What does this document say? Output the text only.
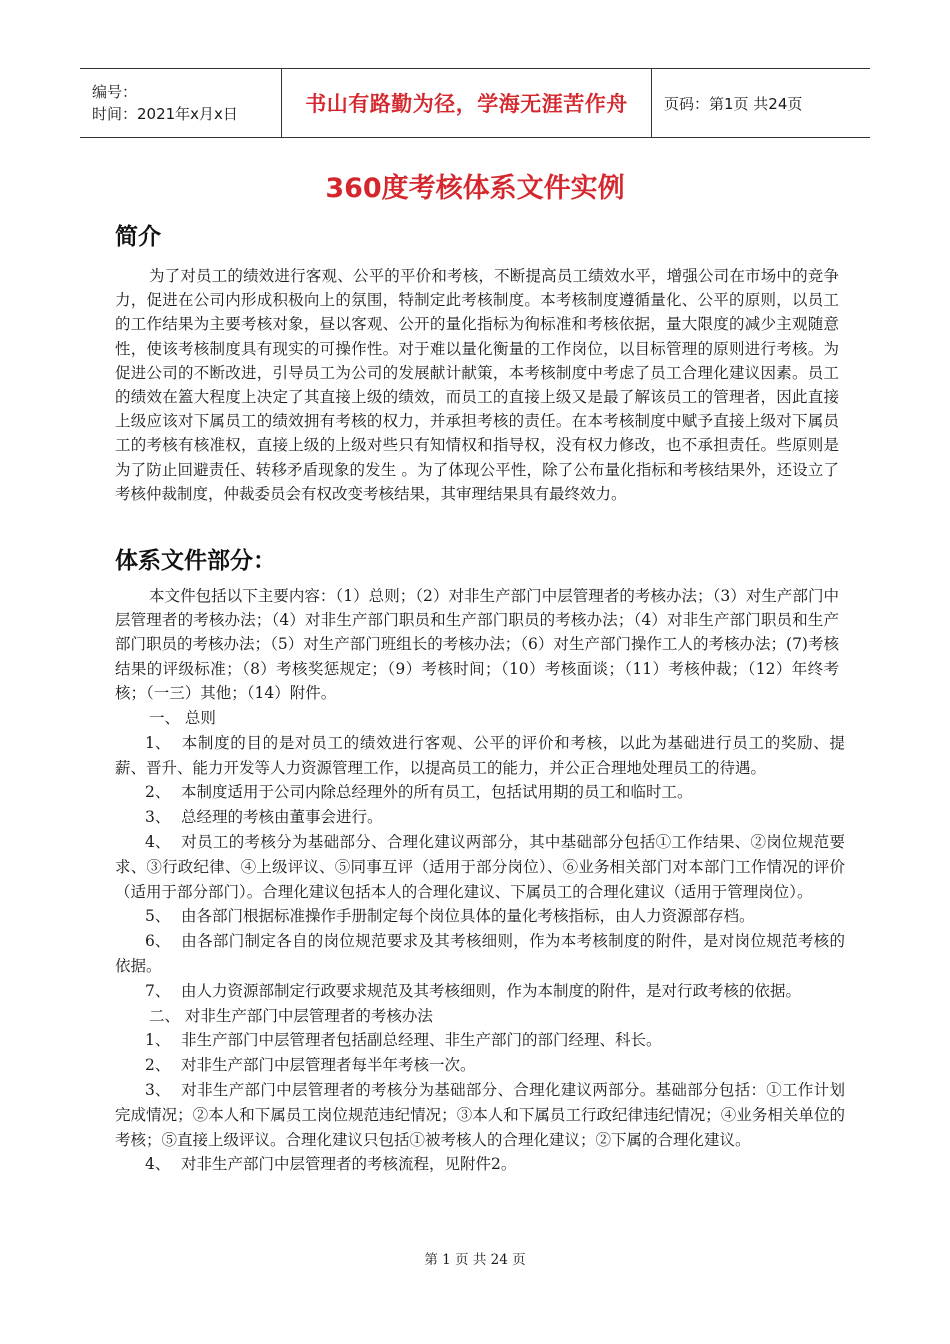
编号：
时间：2021年x月x日	书山有路勤为径，学海无涯苦作舟 页码：第1页 共24页
360度考核体系文件实例
简介

为了对员工的绩效进行客观、公平的平价和考核，不断提高员工绩效水平，增强公司在市场中的竞争力，促进在公司内形成积极向上的氛围，特制定此考核制度。本考核制度遵循量化、公平的原则，以员工的工作结果为主要考核对象，昼以客观、公开的量化指标为徇标准和考核依据，量大限度的减少主观随意性，使该考核制度具有现实的可操作性。对于难以量化衡量的工作岗位，以目标管理的原则进行考核。为促进公司的不断改进，引导员工为公司的发展献计献策，本考核制度中考虑了员工合理化建议因素。员工的绩效在篕大程度上决定了其直接上级的绩效，而员工的直接上级又是最了解该员工的管理者，因此直接上级应该对下属员工的绩效拥有考核的权力，并承担考核的责任。在本考核制度中赋予直接上级对下属员工的考核有核准权，直接上级的上级对些只有知情权和指导权，没有权力修改，也不承担责任。些原则是为了防止回避责任、转移矛盾现象的发生 。为了体现公平性，除了公布量化指标和考核结果外，还设立了考核仲裁制度，仲裁委员会有权改变考核结果，其审理结果具有最终效力。

体系文件部分：

本文件包括以下主要内容：（1）总则；（2）对非生产部门中层管理者的考核办法；（3）对生产部门中层管理者的考核办法；（4）对非生产部门职员和生产部门职员的考核办法；（4）对非生产部门职员和生产部门职员的考核办法；（5）对生产部门班组长的考核办法；（6）对生产部门操作工人的考核办法；(7)考核结果的评级标准；（8）考核奖惩规定；（9）考核时间；（10）考核面谈；（11）考核仲裁；（12）年终考核；（一三）其他；（14）附件。

一、 总则

1、 本制度的目的是对员工的绩效进行客观、公平的评价和考核，以此为基础进行员工的奖励、提薪、晋升、能力开发等人力资源管理工作，以提高员工的能力，并公正合理地处理员工的待遇。

2、 本制度适用于公司内除总经理外的所有员工，包括试用期的员工和临时工。

3、 总经理的考核由董事会进行。

4、 对员工的考核分为基础部分、合理化建议两部分，其中基础部分包括①工作结果、②岗位规范要求、③行政纪律、④上级评议、⑤同事互评（适用于部分岗位）、⑥业务相关部门对本部门工作情况的评价（适用于部分部门）。合理化建议包括本人的合理化建议、下属员工的合理化建议（适用于管理岗位）。

5、 由各部门根据标准操作手册制定每个岗位具体的量化考核指标，由人力资源部存档。

6、 由各部门制定各自的岗位规范要求及其考核细则，作为本考核制度的附件，是对岗位规范考核的依据。

7、 由人力资源部制定行政要求规范及其考核细则，作为本制度的附件，是对行政考核的依据。

二、 对非生产部门中层管理者的考核办法

1、 非生产部门中层管理者包括副总经理、非生产部门的部门经理、科长。

2、 对非生产部门中层管理者每半年考核一次。

3、 对非生产部门中层管理者的考核分为基础部分、合理化建议两部分。基础部分包括：①工作计划完成情况；②本人和下属员工岗位规范违纪情况；③本人和下属员工行政纪律违纪情况；④业务相关单位的考核；⑤直接上级评议。合理化建议只包括①被考核人的合理化建议；②下属的合理化建议。

4、 对非生产部门中层管理者的考核流程，见附件2。

第 1 页 共 24 页
